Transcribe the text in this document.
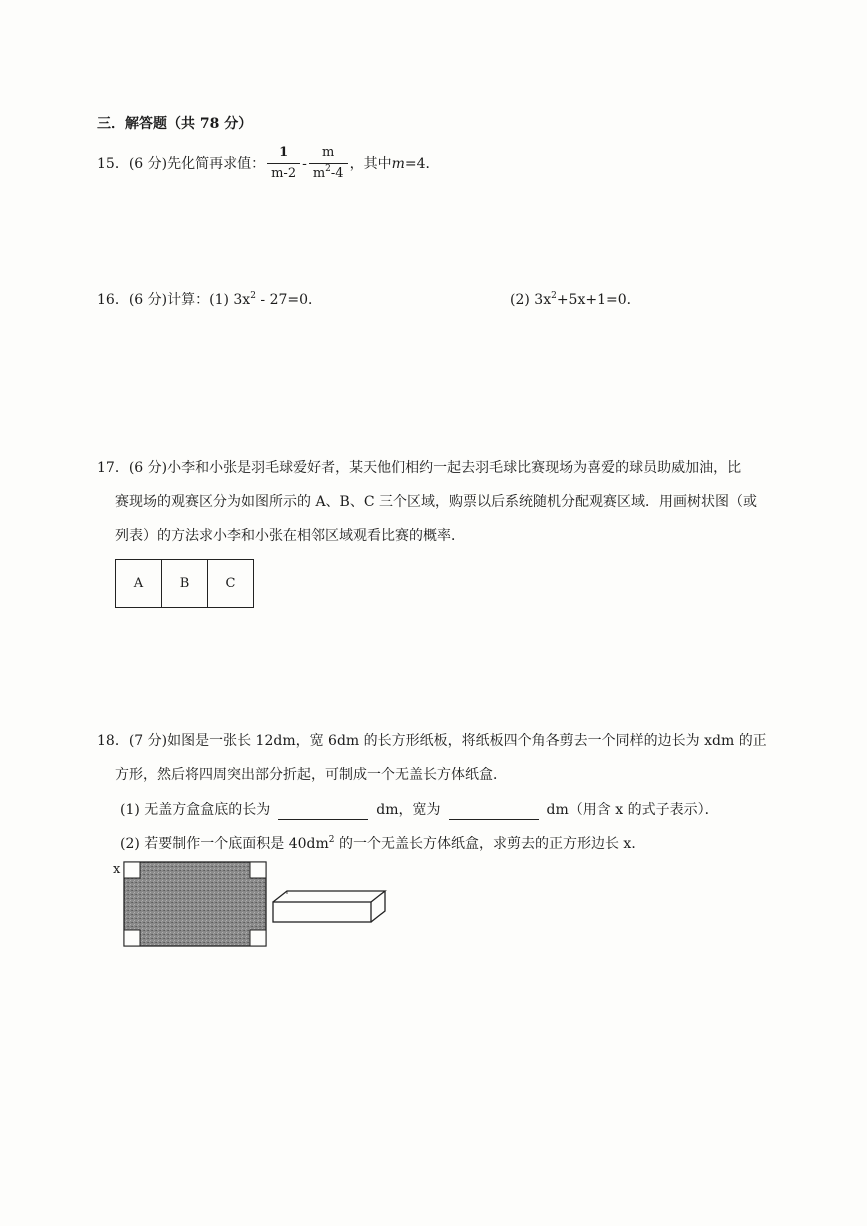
三．解答题（共 78 分）
15．(6 分) 先化简再求值： $\frac{1}{m-2} - \frac{m}{m^2-4}$ ，其中 m =4．
16．(6 分)计算：(1) $3x^2 - 27=0$．	(2) $3x^2+5x+1=0$．
17．(6 分)小李和小张是羽毛球爱好者，某天他们相约一起去羽毛球比赛现场为喜爱的球员助威加油，比
赛现场的观赛区分为如图所示的 A、B、C 三个区域，购票以后系统随机分配观赛区域．用画树状图（或
列表）的方法求小李和小张在相邻区域观看比赛的概率．
A	B	C
18．(7 分)如图是一张长 12dm，宽 6dm 的长方形纸板，将纸板四个角各剪去一个同样的边长为 xdm 的正
方形，然后将四周突出部分折起，可制成一个无盖长方体纸盒．
(1) 无盖方盒盒底的长为	dm，宽为	dm（用含 x 的式子表示）．
(2) 若要制作一个底面积是 $40dm^2$ 的一个无盖长方体纸盒，求剪去的正方形边长 x．
x
